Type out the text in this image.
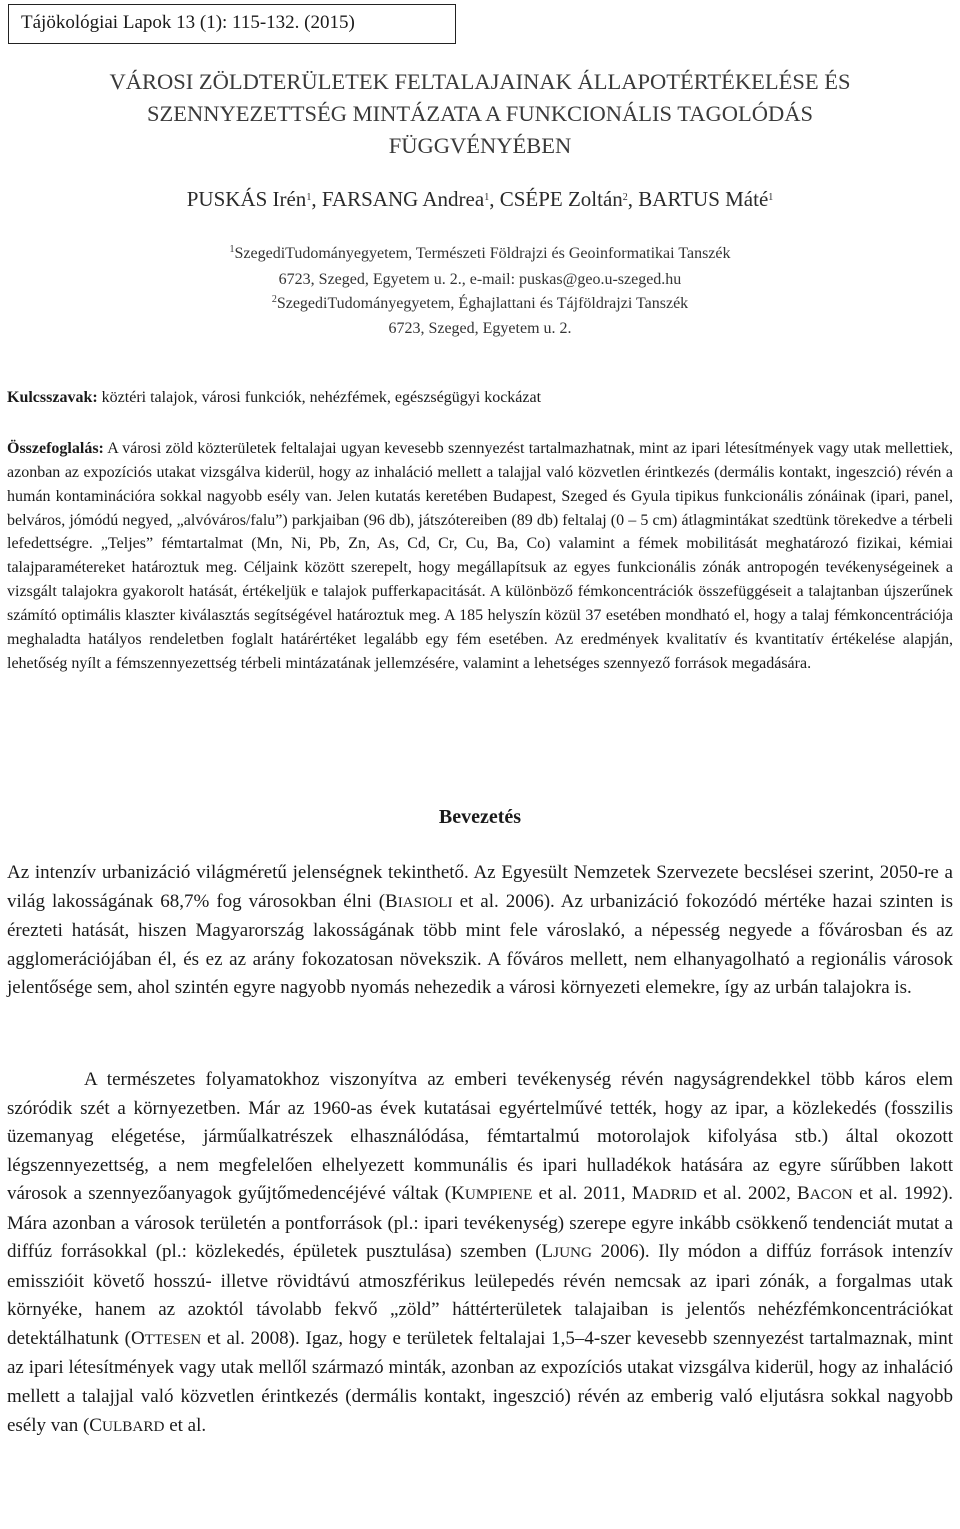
Tájökológiai Lapok 13 (1): 115-132. (2015)
VÁROSI ZÖLDTERÜLETEK FELTALAJAINAK ÁLLAPOTÉRTÉKELÉSE ÉS
SZENNYEZETTSÉG MINTÁZATA A FUNKCIONÁLIS TAGOLÓDÁS
FÜGGVÉNYÉBEN
PUSKÁS Irén$^1$, FARSANG Andrea$^1$, CSÉPE Zoltán$^2$, BARTUS Máté$^1$
$^1$SzegediTudományegyetem, Természeti Földrajzi és Geoinformatikai Tanszék
6723, Szeged, Egyetem u. 2., e-mail: puskas@geo.u-szeged.hu
$^2$SzegediTudományegyetem, Éghajlattani és Tájföldrajzi Tanszék
6723, Szeged, Egyetem u. 2.
Kulcsszavak: köztéri talajok, városi funkciók, nehézfémek, egészségügyi kockázat

Összefoglalás: A városi zöld közterületek feltalajai ugyan kevesebb szennyezést tartalmazhatnak, mint az ipari létesítmények vagy utak mellettiek, azonban az expozíciós utakat vizsgálva kiderül, hogy az inhaláció mellett a talajjal való közvetlen érintkezés (dermális kontakt, ingeszció) révén a humán kontaminációra sokkal nagyobb esély van. Jelen kutatás keretében Budapest, Szeged és Gyula tipikus funkcionális zónáinak (ipari, panel, belváros, jómódú negyed, „alvóváros/falu”) parkjaiban (96 db), játszótereiben (89 db) feltalaj (0 – 5 cm) átlagmintákat szedtünk törekedve a térbeli lefedettségre. „Teljes” fémtartalmat (Mn, Ni, Pb, Zn, As, Cd, Cr, Cu, Ba, Co) valamint a fémek mobilitását meghatározó fizikai, kémiai talajparamétereket határoztuk meg. Céljaink között szerepelt, hogy megállapítsuk az egyes funkcionális zónák antropogén tevékenységeinek a vizsgált talajokra gyakorolt hatását, értékeljük e talajok pufferkapacitását. A különböző fémkoncentrációk összefüggéseit a talajtanban újszerűnek számító optimális klaszter kiválasztás segítségével határoztuk meg. A 185 helyszín közül 37 esetében mondható el, hogy a talaj fémkoncentrációja meghaladta hatályos rendeletben foglalt határértéket legalább egy fém esetében. Az eredmények kvalitatív és kvantitatív értékelése alapján, lehetőség nyílt a fémszennyezettség térbeli mintázatának jellemzésére, valamint a lehetséges szennyező források megadására.

Bevezetés

Az intenzív urbanizáció világméretű jelenségnek tekinthető. Az Egyesült Nemzetek Szervezete becslései szerint, 2050-re a világ lakosságának 68,7% fog városokban élni (BIASIOLI et al. 2006). Az urbanizáció fokozódó mértéke hazai szinten is érezteti hatását, hiszen Magyarország lakosságának több mint fele városlakó, a népesség negyede a fővárosban és az agglomerációjában él, és ez az arány fokozatosan növekszik. A főváros mellett, nem elhanyagolható a regionális városok jelentősége sem, ahol szintén egyre nagyobb nyomás nehezedik a városi környezeti elemekre, így az urbán talajokra is.

A természetes folyamatokhoz viszonyítva az emberi tevékenység révén nagyságrendekkel több káros elem szóródik szét a környezetben. Már az 1960-as évek kutatásai egyértelművé tették, hogy az ipar, a közlekedés (fosszilis üzemanyag elégetése, járműalkatrészek elhasználódása, fémtartalmú motorolajok kifolyása stb.) által okozott légszennyezettség, a nem megfelelően elhelyezett kommunális és ipari hulladékok hatására az egyre sűrűbben lakott városok a szennyezőanyagok gyűjtőmedencéjévé váltak (KUMPIENE et al. 2011, MADRID et al. 2002, BACON et al. 1992). Mára azonban a városok területén a pontforrások (pl.: ipari tevékenység) szerepe egyre inkább csökkenő tendenciát mutat a diffúz forrásokkal (pl.: közlekedés, épületek pusztulása) szemben (LJUNG 2006). Ily módon a diffúz források intenzív emisszióit követő hosszú- illetve rövidtávú atmoszférikus leülepedés révén nemcsak az ipari zónák, a forgalmas utak környéke, hanem az azoktól távolabb fekvő „zöld” háttérterületek talajaiban is jelentős nehézfémkoncentrációkat detektálhatunk (OTTESEN et al. 2008). Igaz, hogy e területek feltalajai 1,5–4-szer kevesebb szennyezést tartalmaznak, mint az ipari létesítmények vagy utak mellől származó minták, azonban az expozíciós utakat vizsgálva kiderül, hogy az inhaláció mellett a talajjal való közvetlen érintkezés (dermális kontakt, ingeszció) révén az emberig való eljutásra sokkal nagyobb esély van (CULBARD et al.
